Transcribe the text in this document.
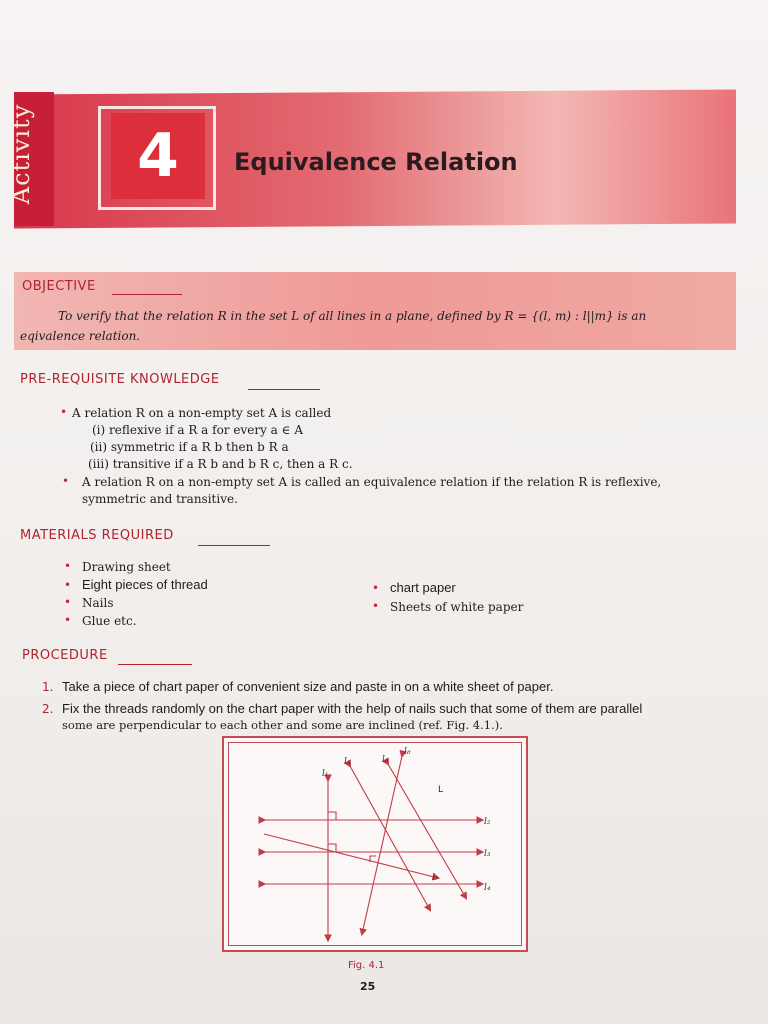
Activity	4	Equivalence Relation
OBJECTIVE
To verify that the relation R in the set L of all lines in a plane, defined by R = {(l, m) : l||m} is an
eqivalence relation.
PRE-REQUISITE KNOWLEDGE
• A relation R on a non-empty set A is called
(i) reflexive if a R a for every a ∈ A
(ii) symmetric if a R b then b R a
(iii) transitive if a R b and b R c, then a R c.
• A relation R on a non-empty set A is called an equivalence relation if the relation R is reflexive,
symmetric and transitive.
MATERIALS REQUIRED
• Drawing sheet
• Eight pieces of thread
• Nails
• Glue etc.
• chart paper
• Sheets of white paper
PROCEDURE
1. Take a piece of chart paper of convenient size and paste in on a white sheet of paper.
2. Fix the threads randomly on the chart paper with the help of nails such that some of them are parallel
some are perpendicular to each other and some are inclined (ref. Fig. 4.1.).
l₁
l₂
l₃
l₄
l₅	l₆
l₇
l₈
L
Fig. 4.1
25
